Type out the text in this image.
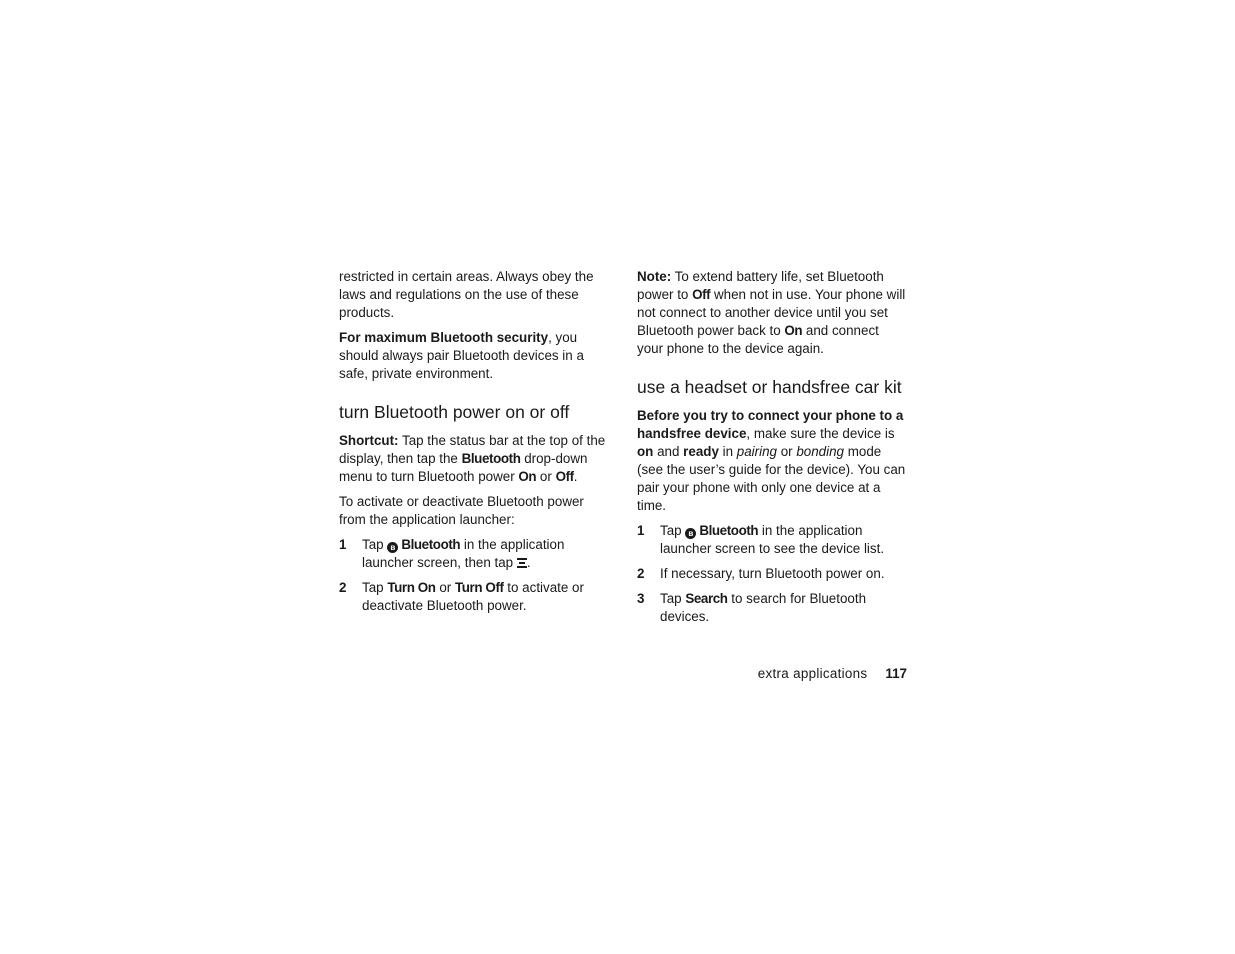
restricted in certain areas. Always obey the laws and regulations on the use of these products.

For maximum Bluetooth security, you should always pair Bluetooth devices in a safe, private environment.

turn Bluetooth power on or off

Shortcut: Tap the status bar at the top of the display, then tap the Bluetooth drop-down menu to turn Bluetooth power On or Off.

To activate or deactivate Bluetooth power from the application launcher:

1 Tap ʙ Bluetooth in the application launcher screen, then tap .
2 Tap Turn On or Turn Off to activate or deactivate Bluetooth power.

Note: To extend battery life, set Bluetooth power to Off when not in use. Your phone will not connect to another device until you set Bluetooth power back to On and connect your phone to the device again.

use a headset or handsfree car kit

Before you try to connect your phone to a handsfree device, make sure the device is on and ready in pairing or bonding mode (see the user’s guide for the device). You can pair your phone with only one device at a time.

1 Tap ʙ Bluetooth in the application launcher screen to see the device list.
2 If necessary, turn Bluetooth power on.
3 Tap Search to search for Bluetooth devices.
extra applications 117
